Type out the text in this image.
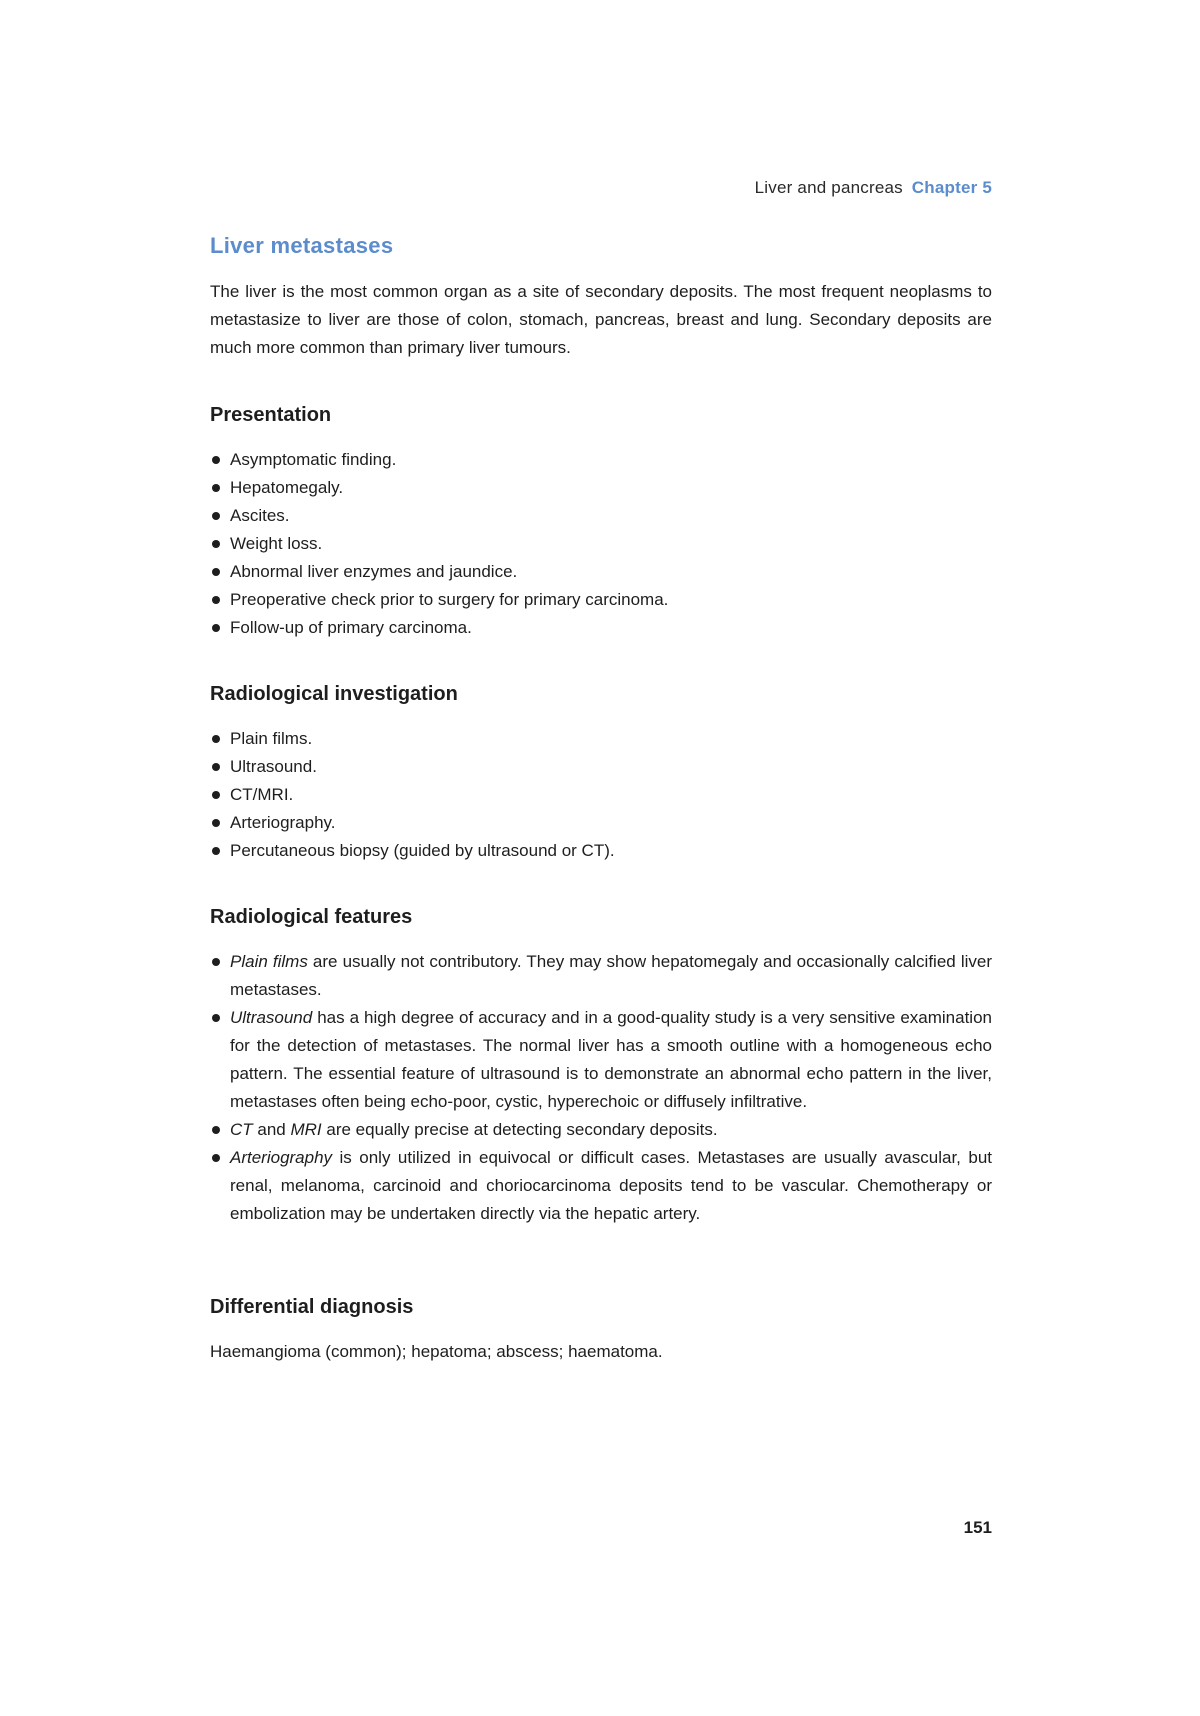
Liver and pancreas Chapter 5
Liver metastases

The liver is the most common organ as a site of secondary deposits. The most frequent neoplasms to metastasize to liver are those of colon, stomach, pancreas, breast and lung. Secondary deposits are much more common than primary liver tumours.

Presentation
Asymptomatic finding.
Hepatomegaly.
Ascites.
Weight loss.
Abnormal liver enzymes and jaundice.
Preoperative check prior to surgery for primary carcinoma.
Follow-up of primary carcinoma.
Radiological investigation
Plain films.
Ultrasound.
CT/MRI.
Arteriography.
Percutaneous biopsy (guided by ultrasound or CT).
Radiological features
Plain films are usually not contributory. They may show hepatomegaly and occasionally calcified liver metastases.
Ultrasound has a high degree of accuracy and in a good-quality study is a very sensitive examination for the detection of metastases. The normal liver has a smooth outline with a homogeneous echo pattern. The essential feature of ultrasound is to demonstrate an abnormal echo pattern in the liver, metastases often being echo-poor, cystic, hyperechoic or diffusely infiltrative.
CT and MRI are equally precise at detecting secondary deposits.
Arteriography is only utilized in equivocal or difficult cases. Metastases are usually avascular, but renal, melanoma, carcinoid and choriocarcinoma deposits tend to be vascular. Chemotherapy or embolization may be undertaken directly via the hepatic artery.
Differential diagnosis

Haemangioma (common); hepatoma; abscess; haematoma.

151
